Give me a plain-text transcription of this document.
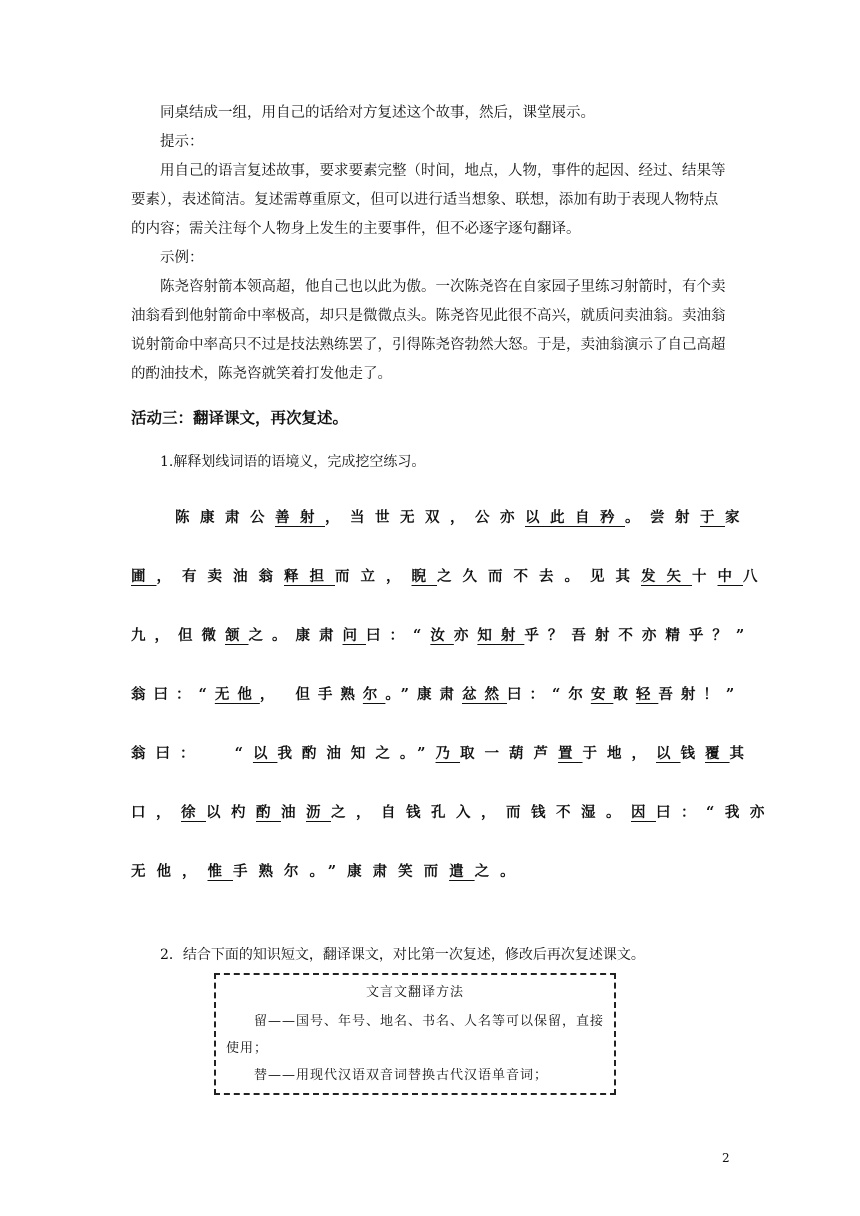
同桌结成一组，用自己的话给对方复述这个故事，然后，课堂展示。

提示：

用自己的语言复述故事，要求要素完整（时间，地点，人物，事件的起因、经过、结果等要素），表述简洁。复述需尊重原文，但可以进行适当想象、联想，添加有助于表现人物特点的内容；需关注每个人物身上发生的主要事件，但不必逐字逐句翻译。

示例：

陈尧咨射箭本领高超，他自己也以此为傲。一次陈尧咨在自家园子里练习射箭时，有个卖油翁看到他射箭命中率极高，却只是微微点头。陈尧咨见此很不高兴，就质问卖油翁。卖油翁说射箭命中率高只不过是技法熟练罢了，引得陈尧咨勃然大怒。于是，卖油翁演示了自己高超的酌油技术，陈尧咨就笑着打发他走了。

活动三：翻译课文，再次复述。

1.解释划线词语的语境义，完成挖空练习。

陈康肃公善射，当世无双，公亦以此自矜。尝射于家

圃，有卖油翁释担而立，睨之久而不去。见其发矢十中八

九，但微颔之。康肃问曰：“汝亦知射乎？吾射不亦精乎？”

翁曰：“无他， 但手熟尔。”康肃忿然曰：“尔安敢轻吾射！”

翁曰：  “以我酌油知之。”乃取一葫芦置于地，以钱覆其

口，徐以杓酌油沥之，自钱孔入，而钱不湿。因曰：“我亦

无他，惟手熟尔。”康肃笑而遣之。

2．结合下面的知识短文，翻译课文，对比第一次复述，修改后再次复述课文。

文言文翻译方法

留——国号、年号、地名、书名、人名等可以保留，直接使用；

替——用现代汉语双音词替换古代汉语单音词；

2
